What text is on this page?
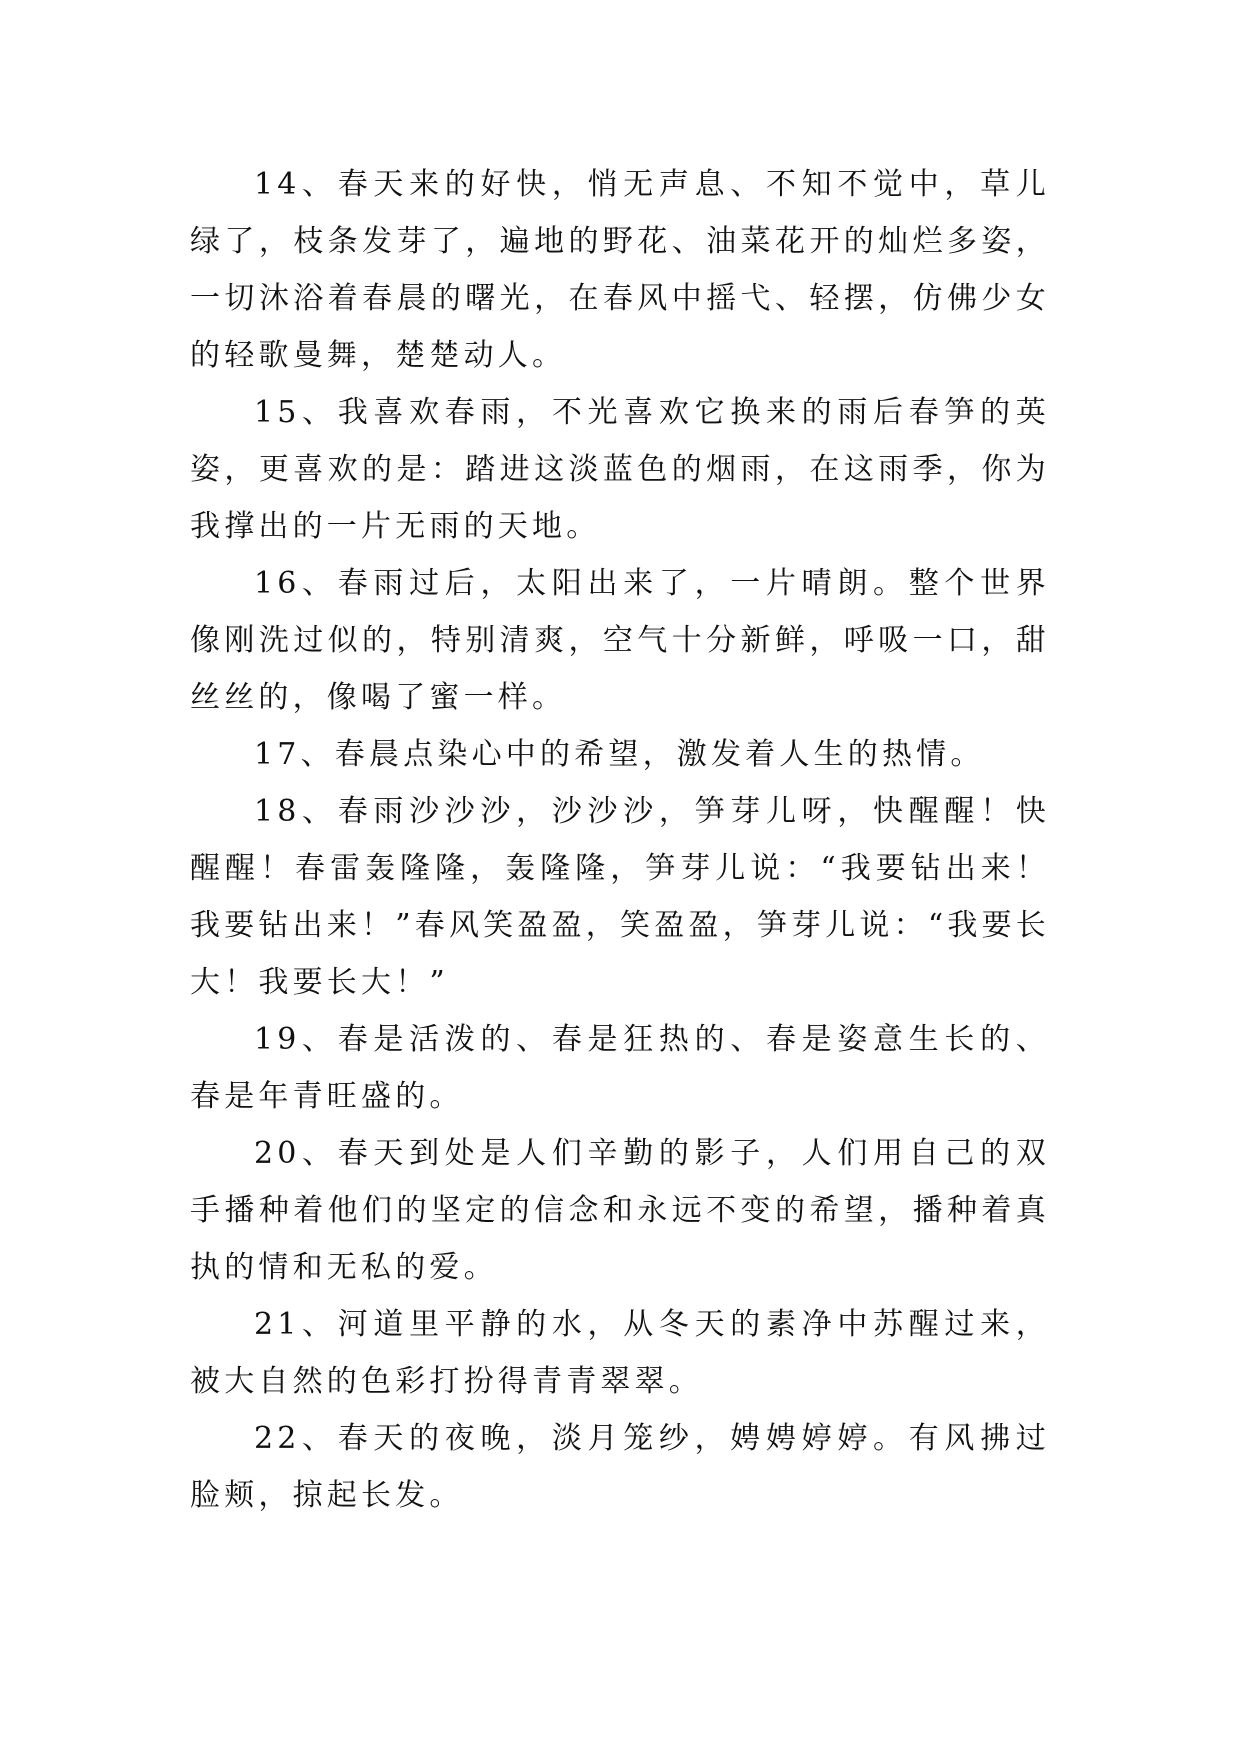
14、春天来的好快，悄无声息、不知不觉中，草儿绿了，枝条发芽了，遍地的野花、油菜花开的灿烂多姿，一切沐浴着春晨的曙光，在春风中摇弋、轻摆，仿佛少女的轻歌曼舞，楚楚动人。

15、我喜欢春雨，不光喜欢它换来的雨后春笋的英姿，更喜欢的是：踏进这淡蓝色的烟雨，在这雨季，你为我撑出的一片无雨的天地。

16、春雨过后，太阳出来了，一片晴朗。整个世界像刚洗过似的，特别清爽，空气十分新鲜，呼吸一口，甜丝丝的，像喝了蜜一样。

17、春晨点染心中的希望，激发着人生的热情。

18、春雨沙沙沙，沙沙沙，笋芽儿呀，快醒醒！快醒醒！春雷轰隆隆，轰隆隆，笋芽儿说：“我要钻出来！我要钻出来！”春风笑盈盈，笑盈盈，笋芽儿说：“我要长大！我要长大！”

19、春是活泼的、春是狂热的、春是姿意生长的、春是年青旺盛的。

20、春天到处是人们辛勤的影子，人们用自己的双手播种着他们的坚定的信念和永远不变的希望，播种着真执的情和无私的爱。

21、河道里平静的水，从冬天的素净中苏醒过来，被大自然的色彩打扮得青青翠翠。

22、春天的夜晚，淡月笼纱，娉娉婷婷。有风拂过脸颊，掠起长发。
